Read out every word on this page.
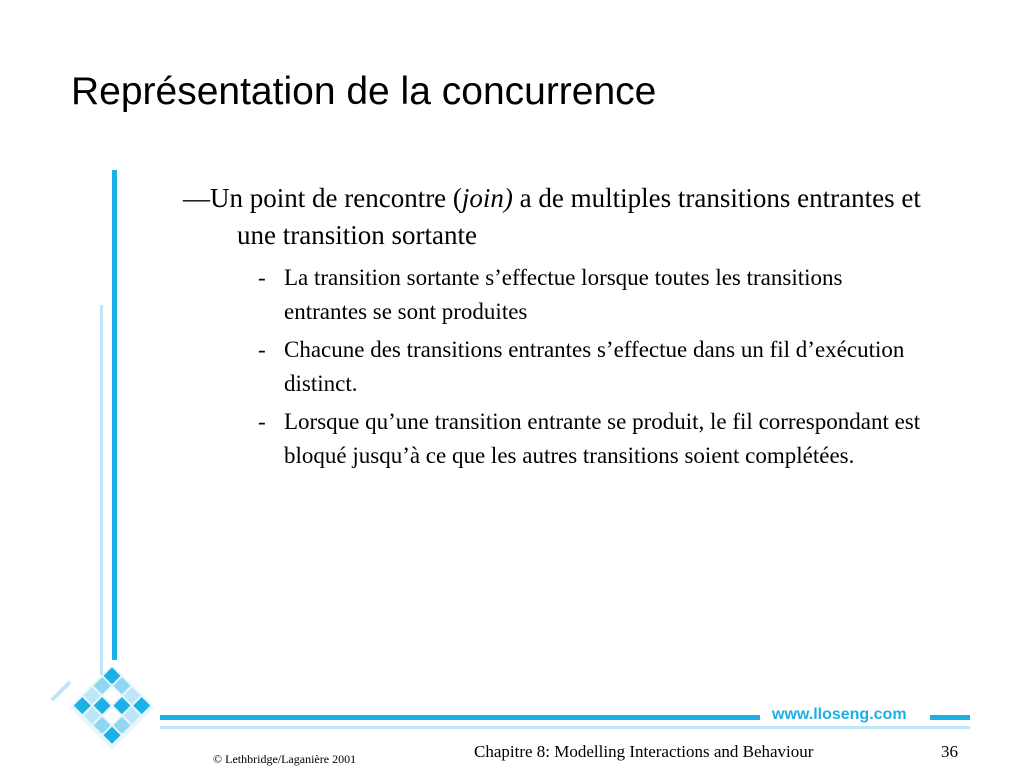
Représentation de la concurrence
—Un point de rencontre (join) a de multiples transitions entrantes et une transition sortante
- La transition sortante s’effectue lorsque toutes les transitions entrantes se sont produites
- Chacune des transitions entrantes s’effectue dans un fil d’exécution distinct.
- Lorsque qu’une transition entrante se produit, le fil correspondant est bloqué jusqu’à ce que les autres transitions soient complétées.
www.lloseng.com
© Lethbridge/Laganière 2001	Chapitre 8: Modelling Interactions and Behaviour	36
